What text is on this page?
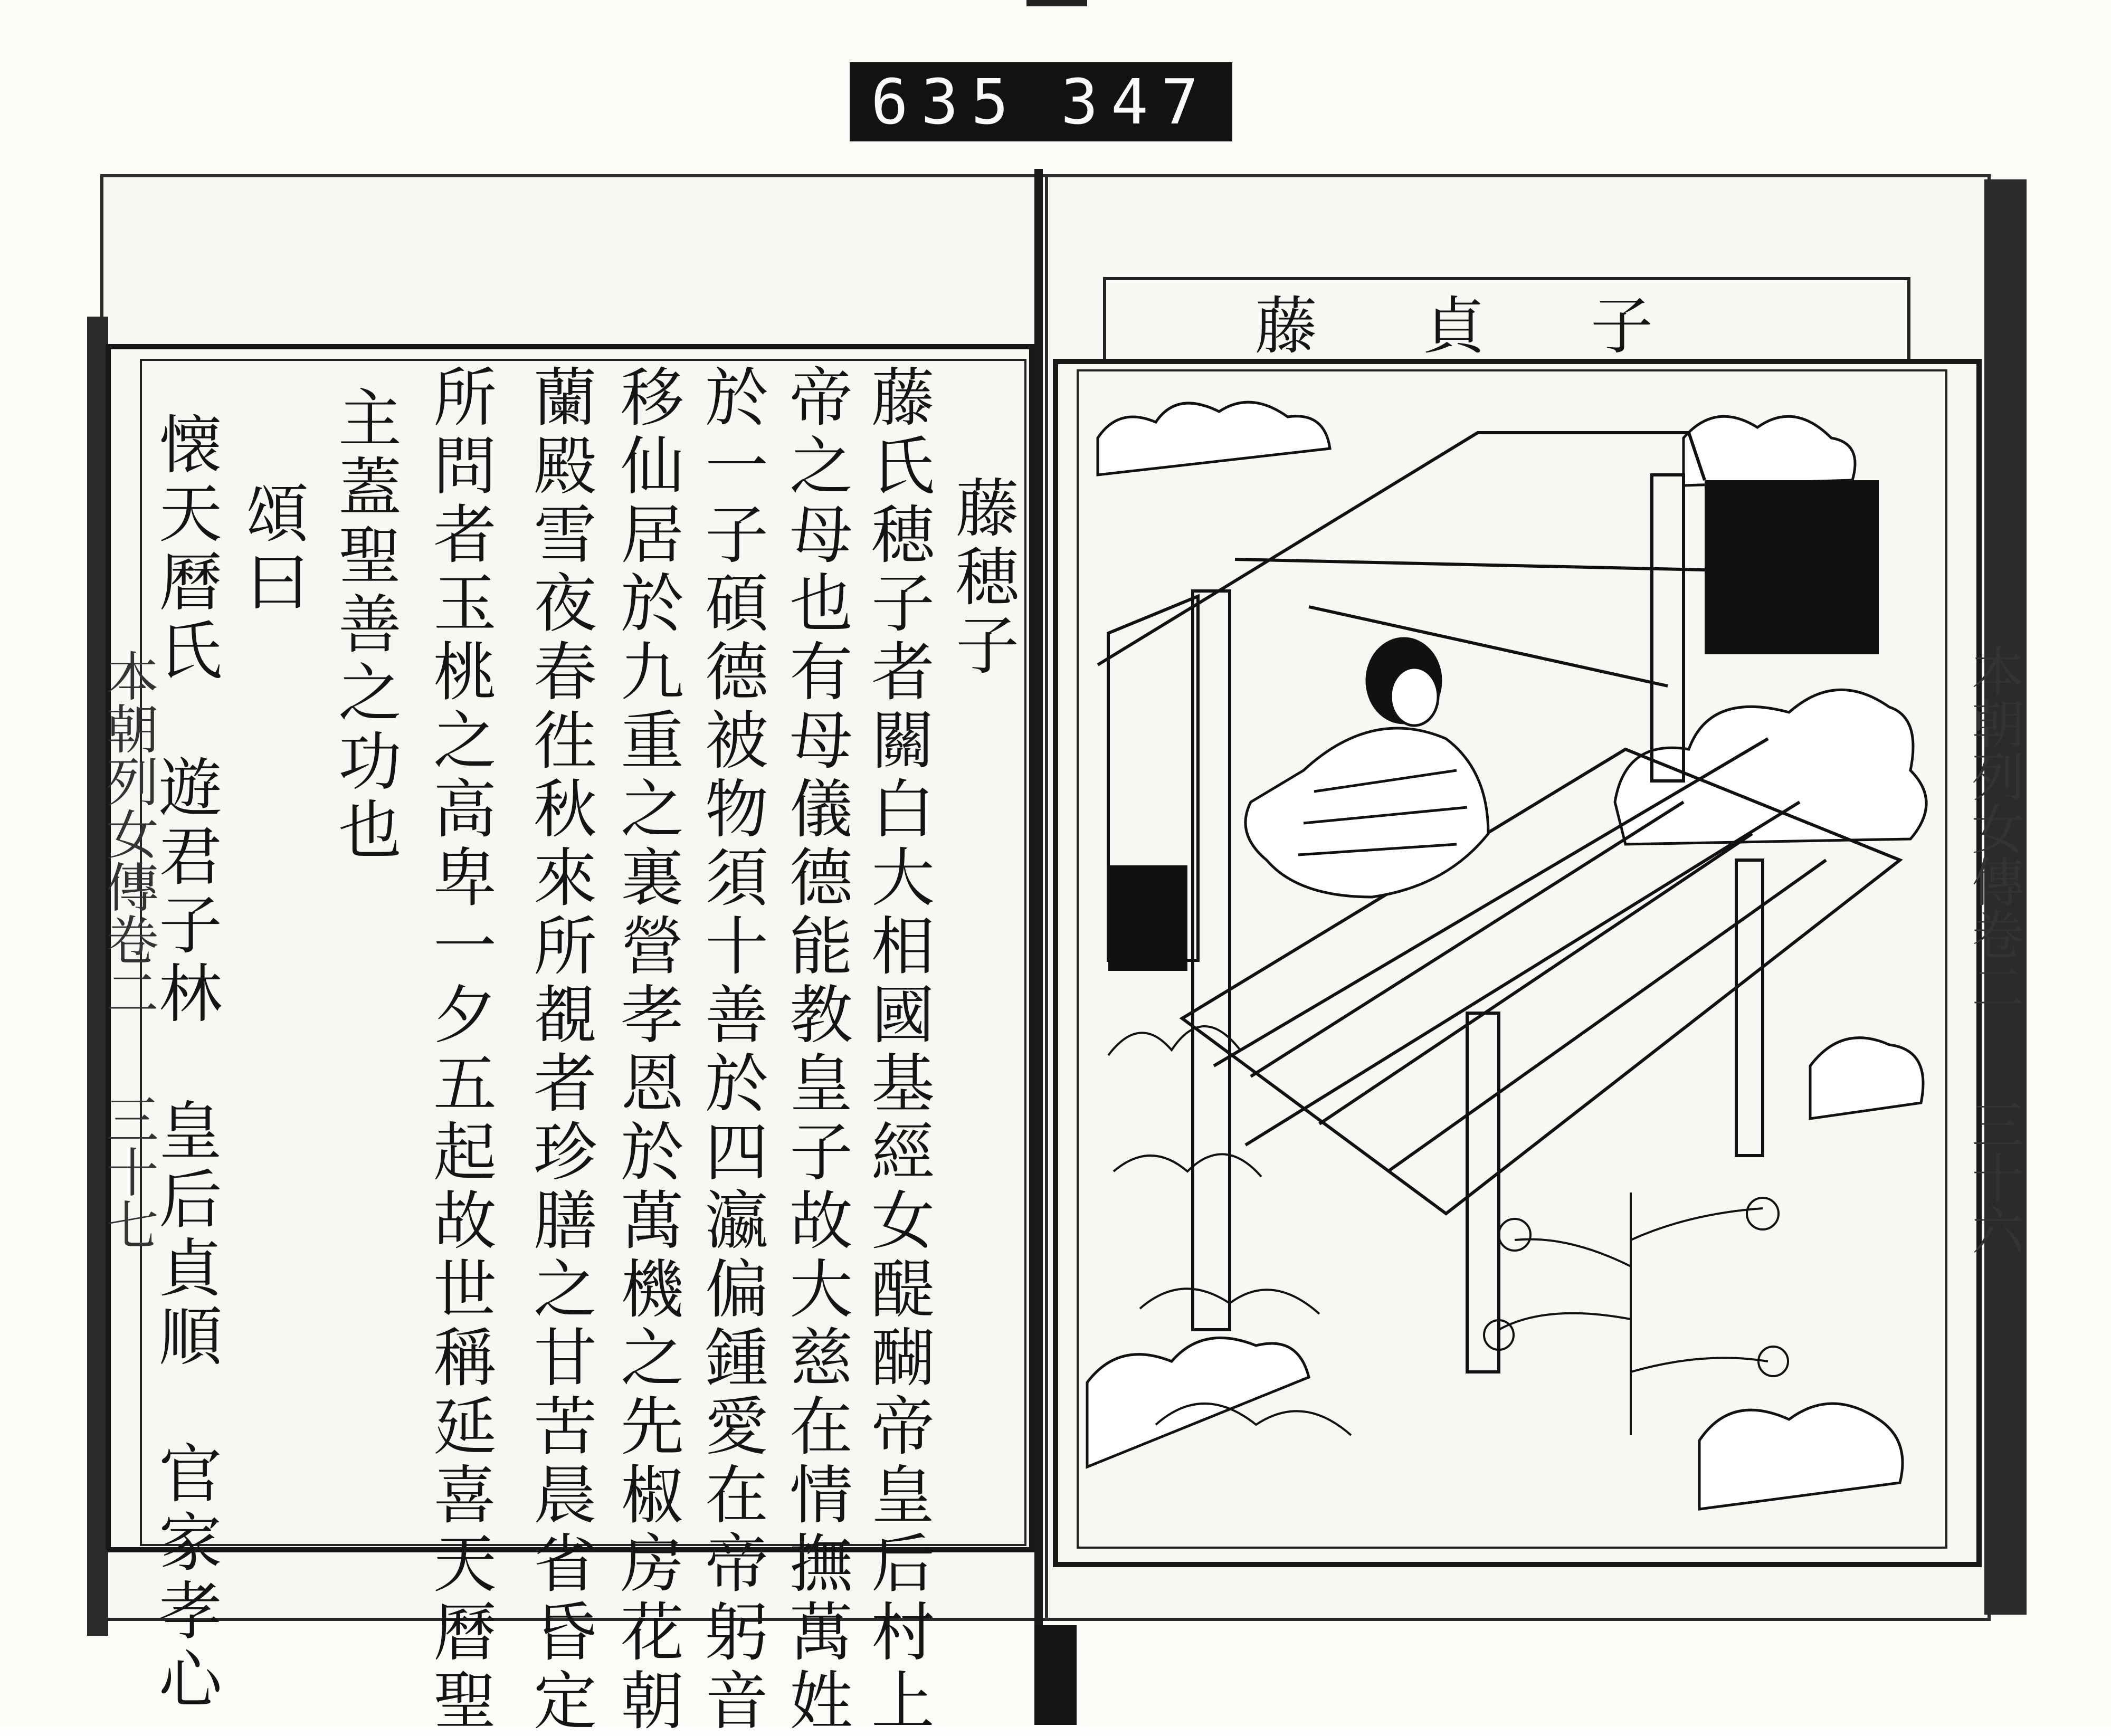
635 347
藤穂子
藤氏穂子者關白大相國基經女醍醐帝皇后村上
帝之母也有母儀德能教皇子故大慈在情撫萬姓
於一子碩德被物須十善於四瀛偏鍾愛在帝躬音
移仙居於九重之裏營孝恩於萬機之先椒房花朝
蘭殿雪夜春徃秋來所覩者珍膳之甘苦晨省昏定
所問者玉桃之高卑一夕五起故世稱延喜天曆聖
主蓋聖善之功也
頌曰
懐天曆氏　遊君子林　皇后貞順　官家孝心
本朝列女傳卷二
三十七
藤貞子
本朝列女傳卷二
三十六
